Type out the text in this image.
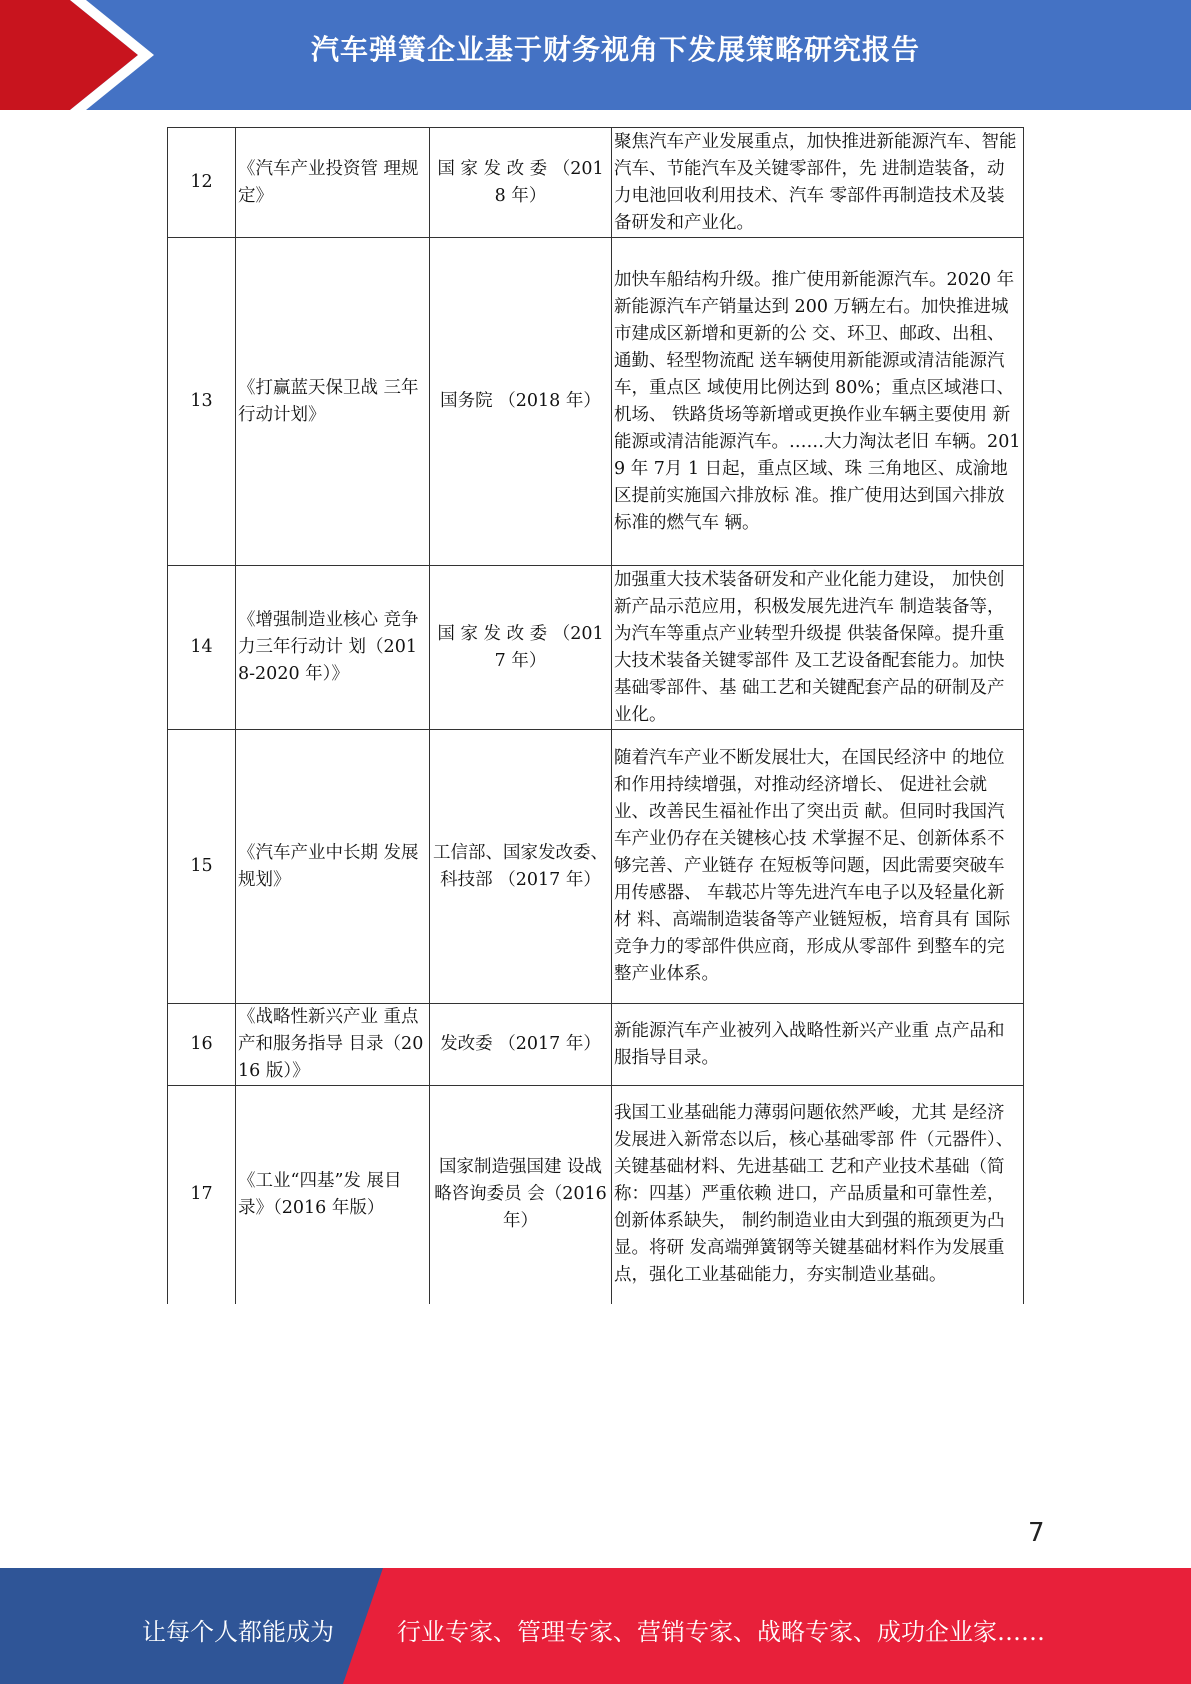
汽车弹簧企业基于财务视角下发展策略研究报告
12	《汽车产业投资管 理规定》	国 家 发 改 委 （2018 年）	聚焦汽车产业发展重点，加快推进新能源汽车、智能汽车、节能汽车及关键零部件，先 进制造装备，动力电池回收利用技术、汽车 零部件再制造技术及装备研发和产业化。
13	《打赢蓝天保卫战 三年行动计划》	国务院 （2018 年）	加快车船结构升级。推广使用新能源汽车。2020 年新能源汽车产销量达到 200 万辆左右。加快推进城市建成区新增和更新的公 交、环卫、邮政、出租、通勤、轻型物流配 送车辆使用新能源或清洁能源汽车，重点区 域使用比例达到 80%；重点区域港口、机场、 铁路货场等新增或更换作业车辆主要使用 新能源或清洁能源汽车。……大力淘汰老旧 车辆。2019 年 7月 1 日起，重点区域、珠 三角地区、成渝地区提前实施国六排放标 准。推广使用达到国六排放标准的燃气车 辆。
14	《增强制造业核心 竞争力三年行动计 划（2018-2020 年）》	国 家 发 改 委 （2017 年）	加强重大技术装备研发和产业化能力建设， 加快创新产品示范应用，积极发展先进汽车 制造装备等，为汽车等重点产业转型升级提 供装备保障。提升重大技术装备关键零部件 及工艺设备配套能力。加快基础零部件、基 础工艺和关键配套产品的研制及产业化。
15	《汽车产业中长期 发展规划》	工信部、国家发改委、科技部 （2017 年）	随着汽车产业不断发展壮大，在国民经济中 的地位和作用持续增强，对推动经济增长、 促进社会就业、改善民生福祉作出了突出贡 献。但同时我国汽车产业仍存在关键核心技 术掌握不足、创新体系不够完善、产业链存 在短板等问题，因此需要突破车用传感器、 车载芯片等先进汽车电子以及轻量化新材 料、高端制造装备等产业链短板，培育具有 国际竞争力的零部件供应商，形成从零部件 到整车的完整产业体系。
16	《战略性新兴产业 重点产和服务指导 目录（2016 版）》	发改委 （2017 年）	新能源汽车产业被列入战略性新兴产业重 点产品和服指导目录。
17	《工业“四基”发 展目录》（2016 年版）	国家制造强国建 设战略咨询委员 会（2016 年）	我国工业基础能力薄弱问题依然严峻，尤其 是经济发展进入新常态以后，核心基础零部 件（元器件）、关键基础材料、先进基础工 艺和产业技术基础（简称：四基）严重依赖 进口，产品质量和可靠性差，创新体系缺失， 制约制造业由大到强的瓶颈更为凸显。将研 发高端弹簧钢等关键基础材料作为发展重 点，强化工业基础能力，夯实制造业基础。
7
让每个人都能成为	行业专家、管理专家、营销专家、战略专家、成功企业家……
